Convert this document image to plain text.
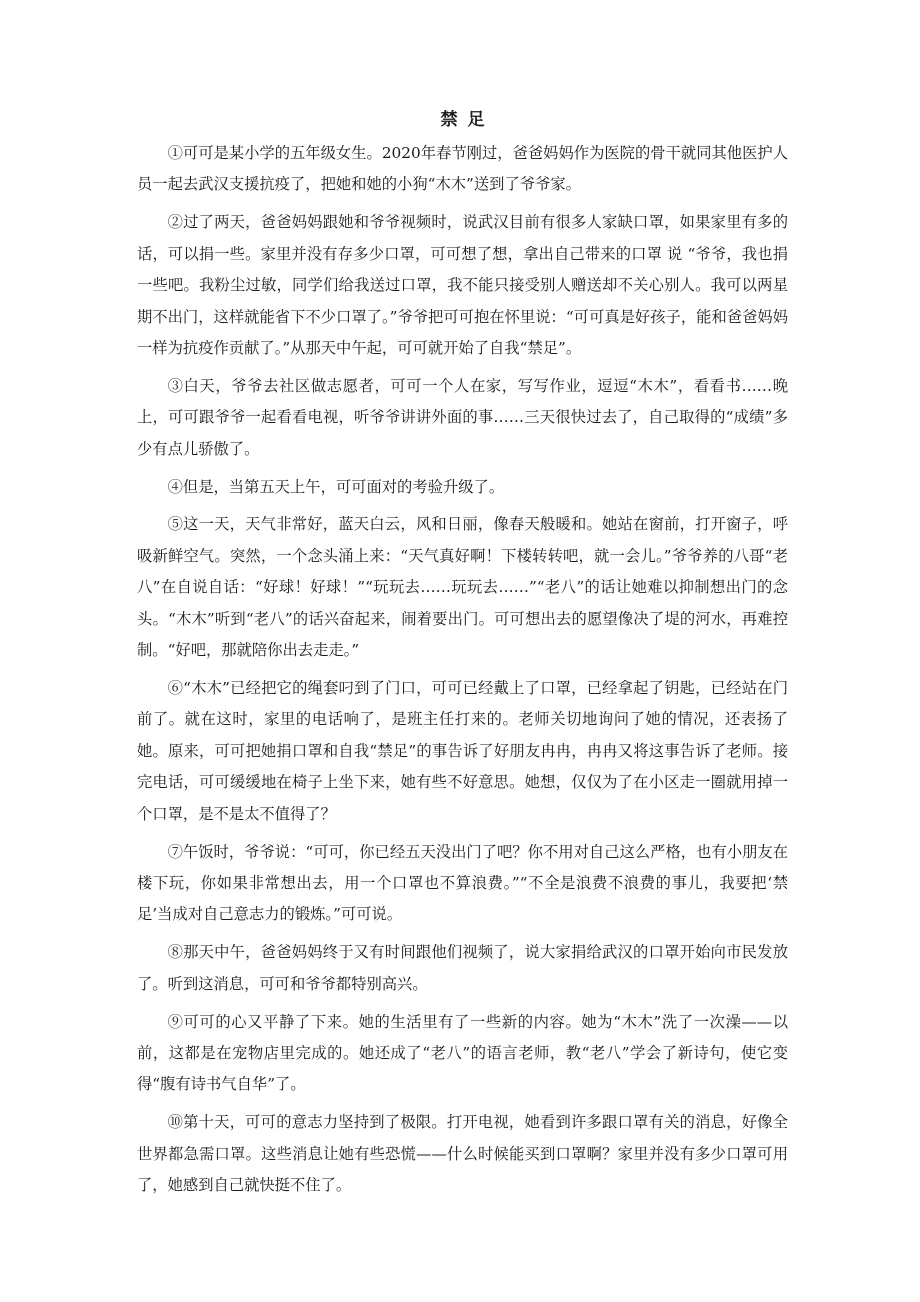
禁足

①可可是某小学的五年级女生。2020年春节刚过，爸爸妈妈作为医院的骨干就同其他医护人员一起去武汉支援抗疫了，把她和她的小狗“木木”送到了爷爷家。

②过了两天，爸爸妈妈跟她和爷爷视频时，说武汉目前有很多人家缺口罩，如果家里有多的话，可以捐一些。家里并没有存多少口罩，可可想了想，拿出自己带来的口罩 说 “爷爷，我也捐一些吧。我粉尘过敏，同学们给我送过口罩，我不能只接受别人赠送却不关心别人。我可以两星期不出门，这样就能省下不少口罩了。”爷爷把可可抱在怀里说：“可可真是好孩子，能和爸爸妈妈一样为抗疫作贡献了。”从那天中午起，可可就开始了自我“禁足”。

③白天，爷爷去社区做志愿者，可可一个人在家，写写作业，逗逗“木木”，看看书……晚上，可可跟爷爷一起看看电视，听爷爷讲讲外面的事……三天很快过去了，自己取得的“成绩”多少有点儿骄傲了。

④但是，当第五天上午，可可面对的考验升级了。

⑤这一天，天气非常好，蓝天白云，风和日丽，像春天般暖和。她站在窗前，打开窗子，呼吸新鲜空气。突然，一个念头涌上来：“天气真好啊！下楼转转吧，就一会儿。”爷爷养的八哥“老八”在自说自话：“好球！好球！”“玩玩去……玩玩去……”“老八”的话让她难以抑制想出门的念头。“木木”听到“老八”的话兴奋起来，闹着要出门。可可想出去的愿望像决了堤的河水，再难控制。“好吧，那就陪你出去走走。”

⑥“木木”已经把它的绳套叼到了门口，可可已经戴上了口罩，已经拿起了钥匙，已经站在门前了。就在这时，家里的电话响了，是班主任打来的。老师关切地询问了她的情况，还表扬了她。原来，可可把她捐口罩和自我“禁足”的事告诉了好朋友冉冉，冉冉又将这事告诉了老师。接完电话，可可缓缓地在椅子上坐下来，她有些不好意思。她想，仅仅为了在小区走一圈就用掉一个口罩，是不是太不值得了？

⑦午饭时，爷爷说：“可可，你已经五天没出门了吧？你不用对自己这么严格，也有小朋友在楼下玩，你如果非常想出去，用一个口罩也不算浪费。”“不全是浪费不浪费的事儿，我要把‘禁足’当成对自己意志力的锻炼。”可可说。

⑧那天中午，爸爸妈妈终于又有时间跟他们视频了，说大家捐给武汉的口罩开始向市民发放了。听到这消息，可可和爷爷都特别高兴。

⑨可可的心又平静了下来。她的生活里有了一些新的内容。她为“木木”洗了一次澡——以前，这都是在宠物店里完成的。她还成了“老八”的语言老师，教“老八”学会了新诗句，使它变得“腹有诗书气自华”了。

⑩第十天，可可的意志力坚持到了极限。打开电视，她看到许多跟口罩有关的消息，好像全世界都急需口罩。这些消息让她有些恐慌——什么时候能买到口罩啊？家里并没有多少口罩可用了，她感到自己就快挺不住了。
